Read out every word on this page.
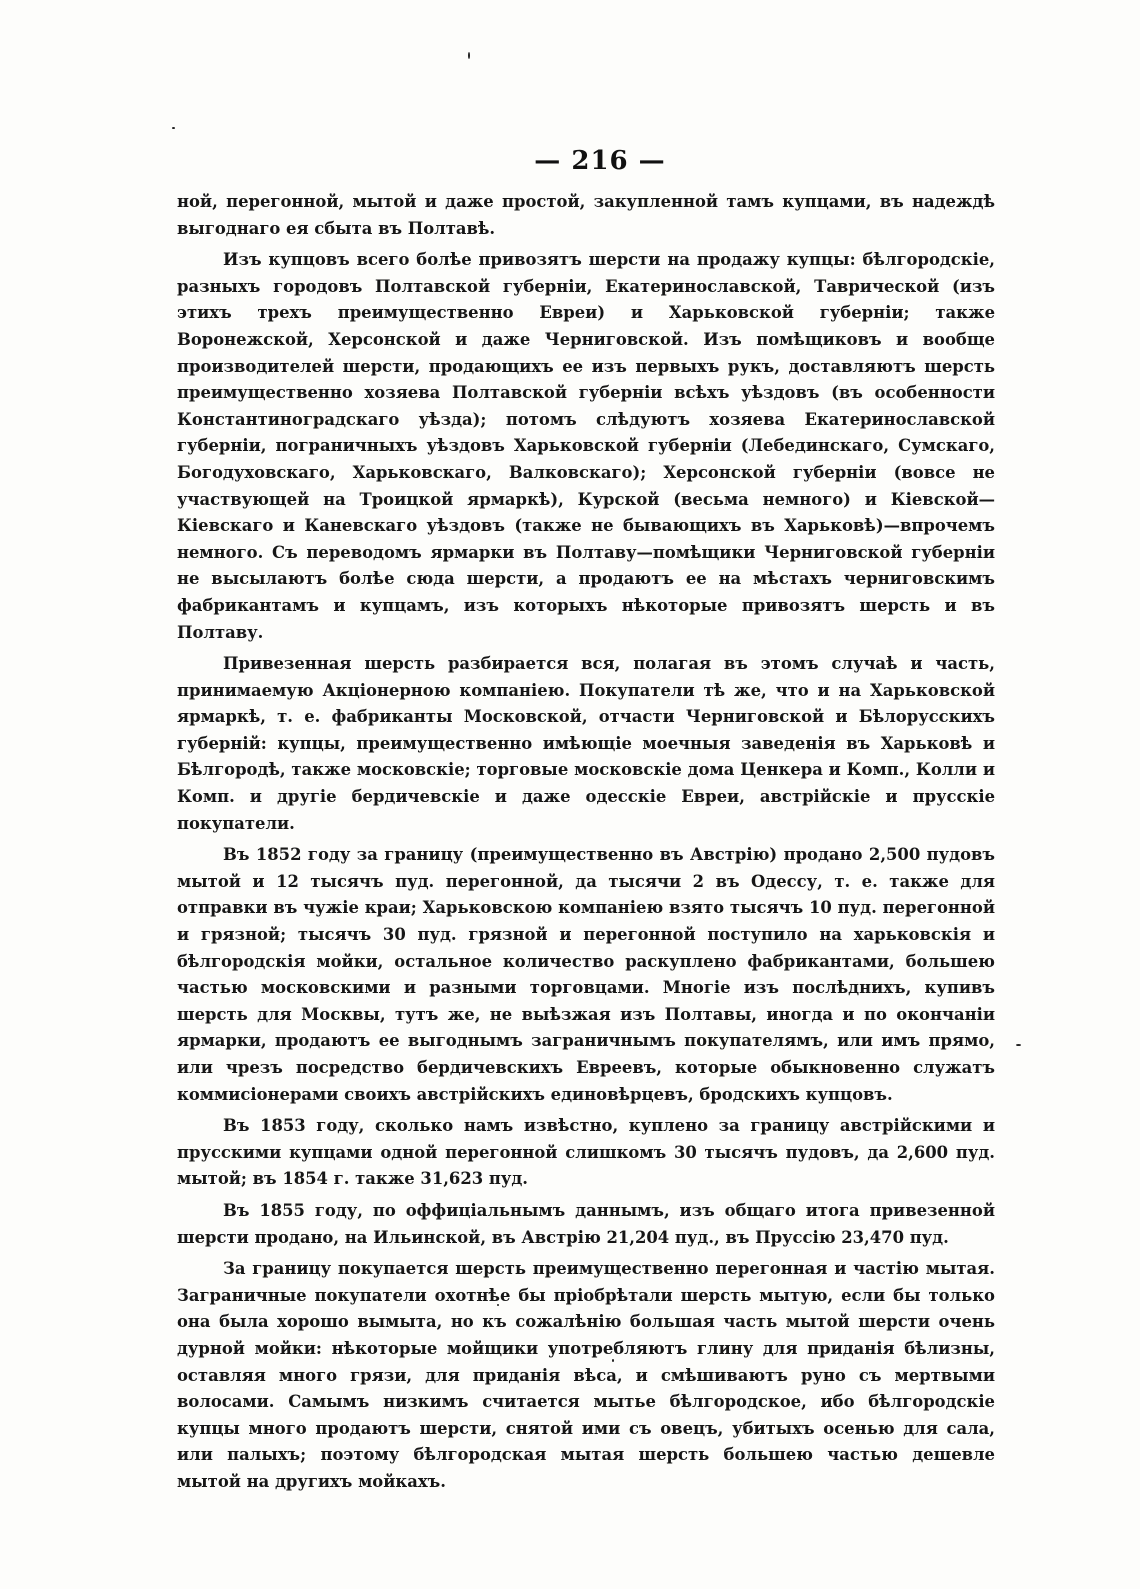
— 216 —

ной, перегонной, мытой и даже простой, закупленной тамъ купцами, въ надеждѣ выгоднаго ея сбыта въ Полтавѣ.

Изъ купцовъ всего болѣе привозятъ шерсти на продажу купцы: бѣлгородскіе, разныхъ городовъ Полтавской губерніи, Екатеринославской, Таврической (изъ этихъ трехъ преимущественно Евреи) и Харьковской губерніи; также Воронежской, Херсонской и даже Черниговской. Изъ помѣщиковъ и вообще производителей шерсти, продающихъ ее изъ первыхъ рукъ, доставляютъ шерсть преимущественно хозяева Полтавской губерніи всѣхъ уѣздовъ (въ особенности Константиноградскаго уѣзда); потомъ слѣдуютъ хозяева Екатеринославской губерніи, пограничныхъ уѣздовъ Харьковской губерніи (Лебединскаго, Сумскаго, Богодуховскаго, Харьковскаго, Валковскаго); Херсонской губерніи (вовсе не участвующей на Троицкой ярмаркѣ), Курской (весьма немного) и Кіевской— Кіевскаго и Каневскаго уѣздовъ (также не бывающихъ въ Харьковѣ)—впрочемъ немного. Съ переводомъ ярмарки въ Полтаву—помѣщики Черниговской губерніи не высылаютъ болѣе сюда шерсти, а продаютъ ее на мѣстахъ черниговскимъ фабрикантамъ и купцамъ, изъ которыхъ нѣкоторые привозятъ шерсть и въ Полтаву.

Привезенная шерсть разбирается вся, полагая въ этомъ случаѣ и часть, принимаемую Акціонерною компаніею. Покупатели тѣ же, что и на Харьковской ярмаркѣ, т. е. фабриканты Московской, отчасти Черниговской и Бѣлорусскихъ губерній: купцы, преимущественно имѣющіе моечныя заведенія въ Харьковѣ и Бѣлгородѣ, также московскіе; торговые московскіе дома Ценкера и Комп., Колли и Комп. и другіе бердичевскіе и даже одесскіе Евреи, австрійскіе и прусскіе покупатели.

Въ 1852 году за границу (преимущественно въ Австрію) продано 2,500 пудовъ мытой и 12 тысячъ пуд. перегонной, да тысячи 2 въ Одессу, т. е. также для отправки въ чужіе краи; Харьковскою компаніею взято тысячъ 10 пуд. перегонной и грязной; тысячъ 30 пуд. грязной и перегонной поступило на харьковскія и бѣлгородскія мойки, остальное количество раскуплено фабрикантами, большею частью московскими и разными торговцами. Многіе изъ послѣднихъ, купивъ шерсть для Москвы, тутъ же, не выѣзжая изъ Полтавы, иногда и по окончаніи ярмарки, продаютъ ее выгоднымъ заграничнымъ покупателямъ, или имъ прямо, или чрезъ посредство бердичевскихъ Евреевъ, которые обыкновенно служатъ коммисіонерами своихъ австрійскихъ единовѣрцевъ, бродскихъ купцовъ.

Въ 1853 году, сколько намъ извѣстно, куплено за границу австрійскими и прусскими купцами одной перегонной слишкомъ 30 тысячъ пудовъ, да 2,600 пуд. мытой; въ 1854 г. также 31,623 пуд.

Въ 1855 году, по оффиціальнымъ даннымъ, изъ общаго итога привезенной шерсти продано, на Ильинской, въ Австрію 21,204 пуд., въ Пруссію 23,470 пуд.

За границу покупается шерсть преимущественно перегонная и частію мытая. Заграничные покупатели охотнѣе бы пріобрѣтали шерсть мытую, если бы только она была хорошо вымыта, но къ сожалѣнію большая часть мытой шерсти очень дурной мойки: нѣкоторые мойщики употребляютъ глину для приданія бѣлизны, оставляя много грязи, для приданія вѣса, и смѣшиваютъ руно съ мертвыми волосами. Самымъ низкимъ считается мытье бѣлгородское, ибо бѣлгородскіе купцы много продаютъ шерсти, снятой ими съ овецъ, убитыхъ осенью для сала, или палыхъ; поэтому бѣлгородская мытая шерсть большею частью дешевле мытой на другихъ мойкахъ.
